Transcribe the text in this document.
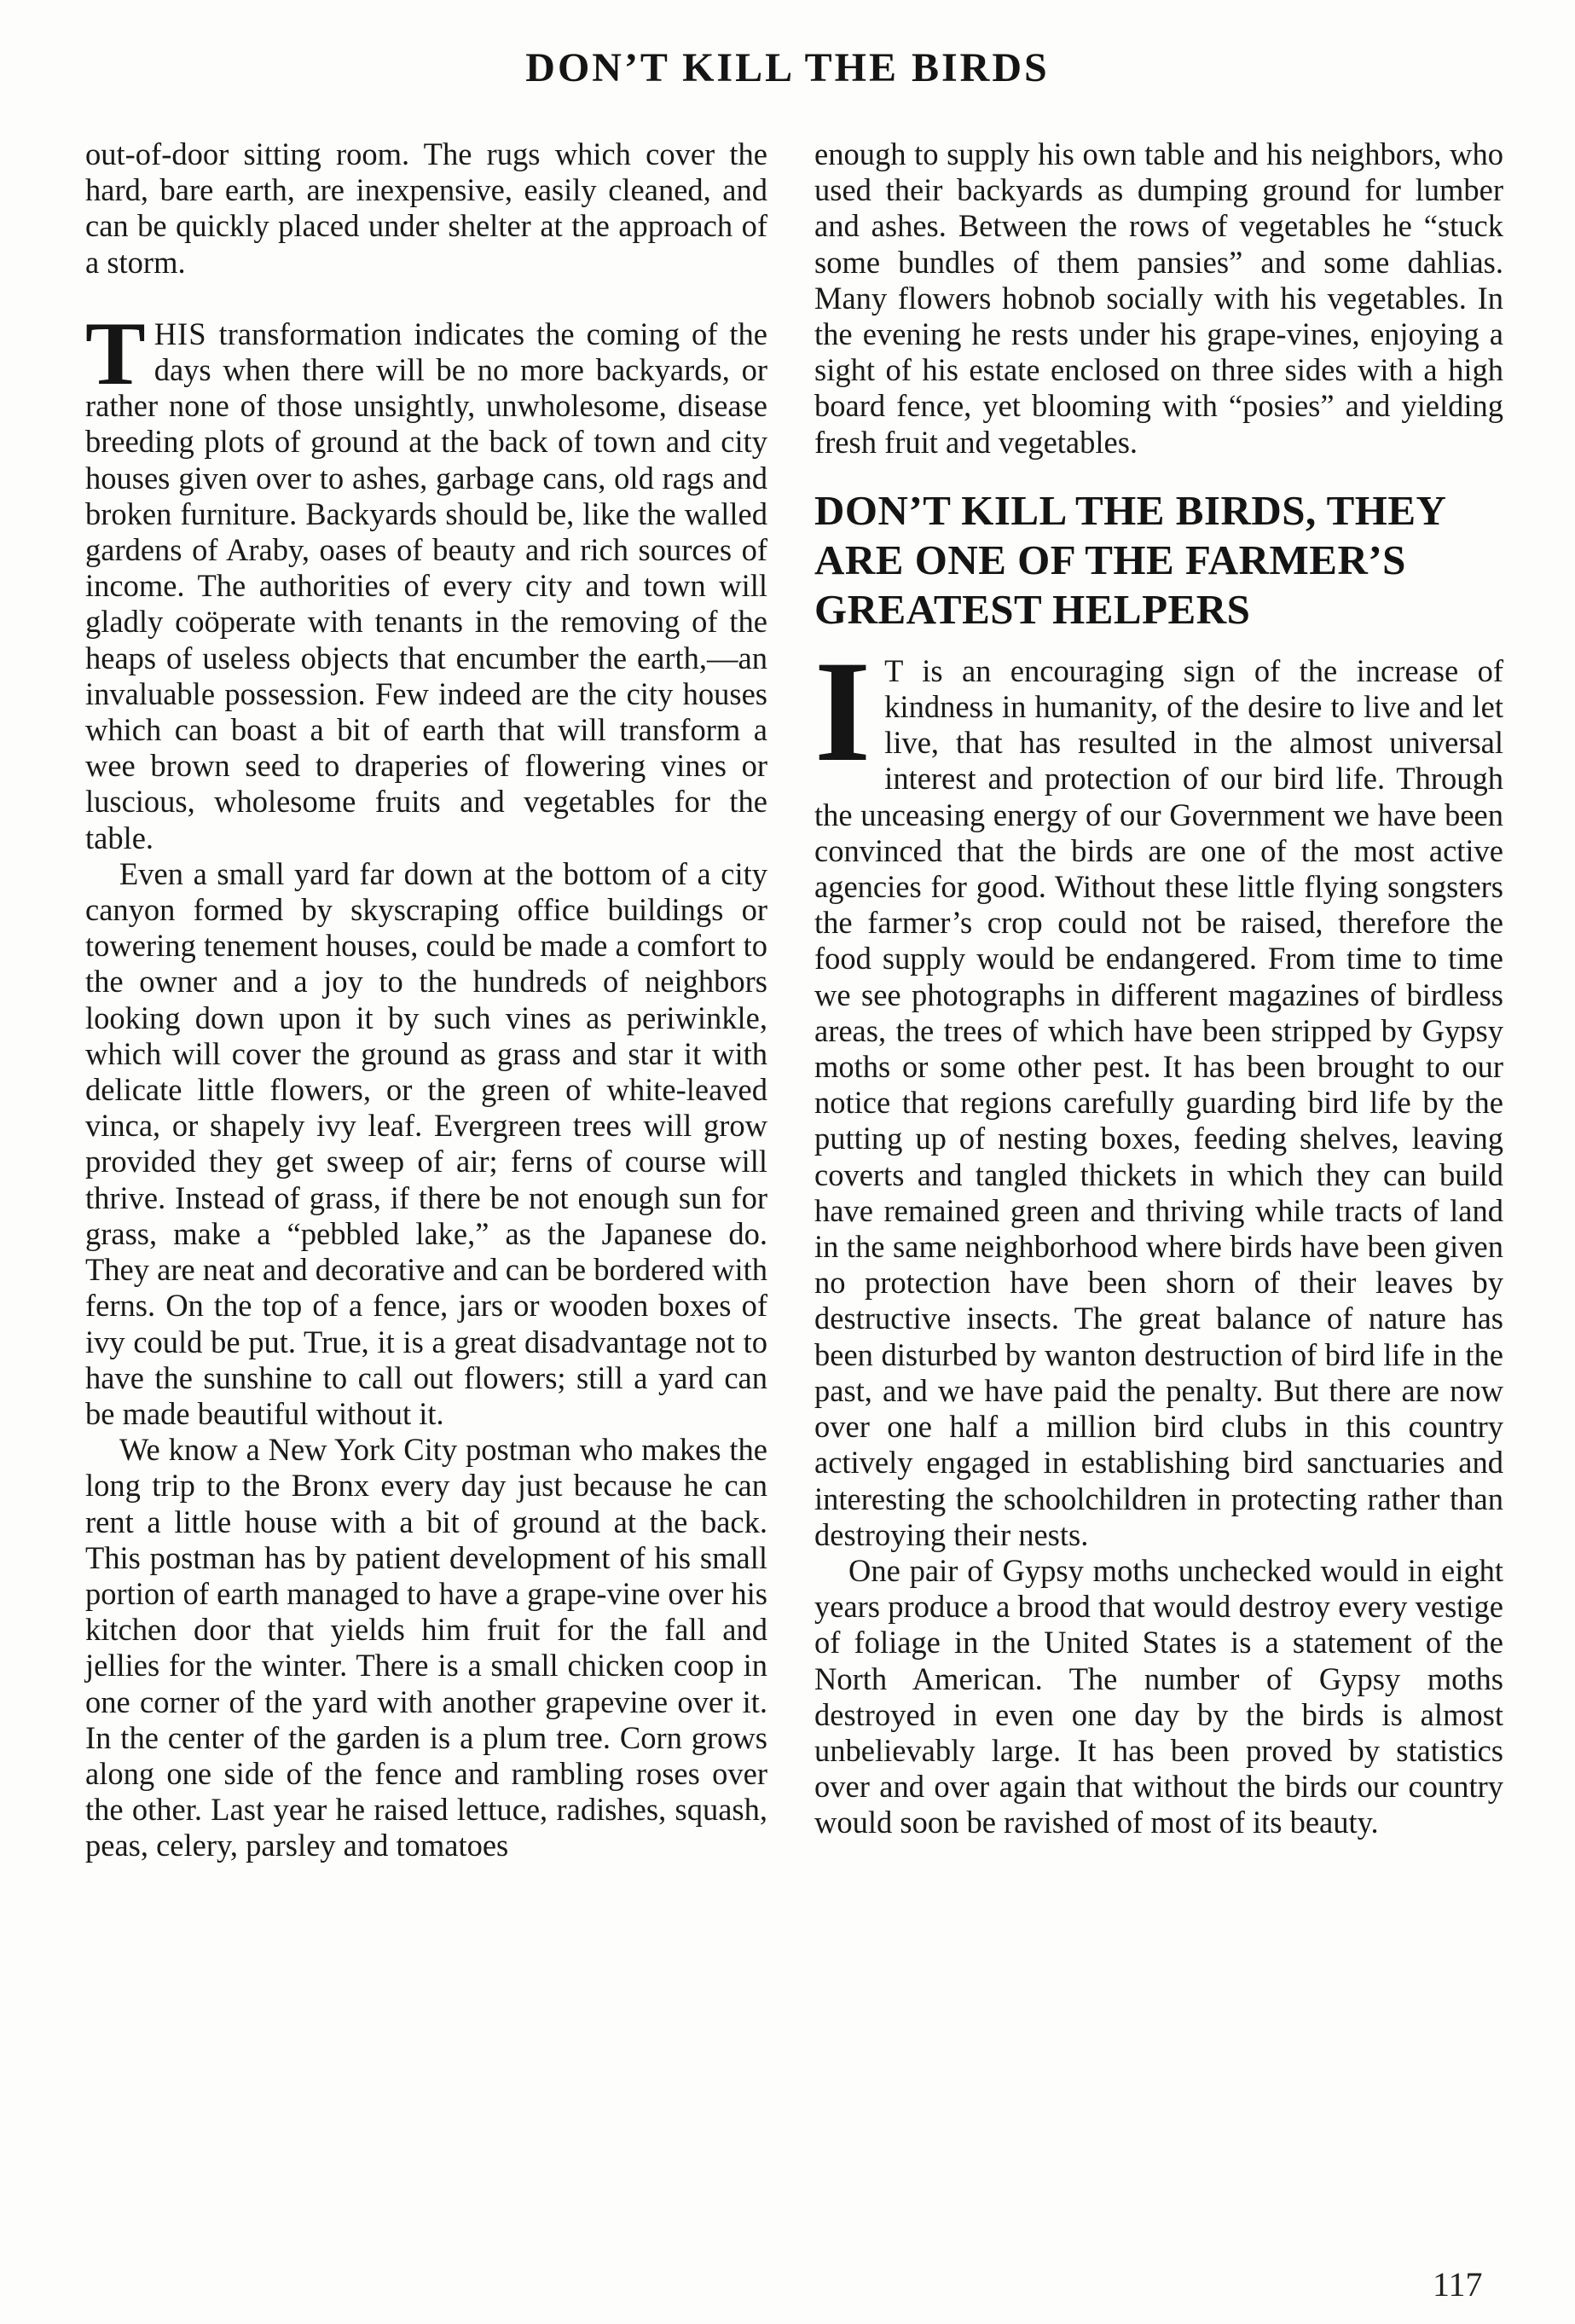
DON’T KILL THE BIRDS

out-of-door sitting room. The rugs which cover the hard, bare earth, are inexpensive, easily cleaned, and can be quickly placed under shelter at the approach of a storm.

THIS transformation indicates the coming of the days when there will be no more backyards, or rather none of those unsightly, unwholesome, disease breeding plots of ground at the back of town and city houses given over to ashes, garbage cans, old rags and broken furniture. Backyards should be, like the walled gardens of Araby, oases of beauty and rich sources of income. The authorities of every city and town will gladly coöperate with tenants in the removing of the heaps of useless objects that encumber the earth,—an invaluable possession. Few indeed are the city houses which can boast a bit of earth that will transform a wee brown seed to draperies of flowering vines or luscious, wholesome fruits and vegetables for the table.

Even a small yard far down at the bottom of a city canyon formed by skyscraping office buildings or towering tenement houses, could be made a comfort to the owner and a joy to the hundreds of neighbors looking down upon it by such vines as periwinkle, which will cover the ground as grass and star it with delicate little flowers, or the green of white-leaved vinca, or shapely ivy leaf. Evergreen trees will grow provided they get sweep of air; ferns of course will thrive. Instead of grass, if there be not enough sun for grass, make a “pebbled lake,” as the Japanese do. They are neat and decorative and can be bordered with ferns. On the top of a fence, jars or wooden boxes of ivy could be put. True, it is a great disadvantage not to have the sunshine to call out flowers; still a yard can be made beautiful without it.

We know a New York City postman who makes the long trip to the Bronx every day just because he can rent a little house with a bit of ground at the back. This postman has by patient development of his small portion of earth managed to have a grape-vine over his kitchen door that yields him fruit for the fall and jellies for the winter. There is a small chicken coop in one corner of the yard with another grapevine over it. In the center of the garden is a plum tree. Corn grows along one side of the fence and rambling roses over the other. Last year he raised lettuce, radishes, squash, peas, celery, parsley and tomatoes

enough to supply his own table and his neighbors, who used their backyards as dumping ground for lumber and ashes. Between the rows of vegetables he “stuck some bundles of them pansies” and some dahlias. Many flowers hobnob socially with his vegetables. In the evening he rests under his grape-vines, enjoying a sight of his estate enclosed on three sides with a high board fence, yet blooming with “posies” and yielding fresh fruit and vegetables.

DON’T KILL THE BIRDS, THEY ARE ONE OF THE FARMER’S GREATEST HELPERS

I T is an encouraging sign of the increase of kindness in humanity, of the desire to live and let live, that has resulted in the almost universal interest and protection of our bird life. Through the unceasing energy of our Government we have been convinced that the birds are one of the most active agencies for good. Without these little flying songsters the farmer’s crop could not be raised, therefore the food supply would be endangered. From time to time we see photographs in different magazines of birdless areas, the trees of which have been stripped by Gypsy moths or some other pest. It has been brought to our notice that regions carefully guarding bird life by the putting up of nesting boxes, feeding shelves, leaving coverts and tangled thickets in which they can build have remained green and thriving while tracts of land in the same neighborhood where birds have been given no protection have been shorn of their leaves by destructive insects. The great balance of nature has been disturbed by wanton destruction of bird life in the past, and we have paid the penalty. But there are now over one half a million bird clubs in this country actively engaged in establishing bird sanctuaries and interesting the schoolchildren in protecting rather than destroying their nests.

One pair of Gypsy moths unchecked would in eight years produce a brood that would destroy every vestige of foliage in the United States is a statement of the North American. The number of Gypsy moths destroyed in even one day by the birds is almost unbelievably large. It has been proved by statistics over and over again that without the birds our country would soon be ravished of most of its beauty.

117
